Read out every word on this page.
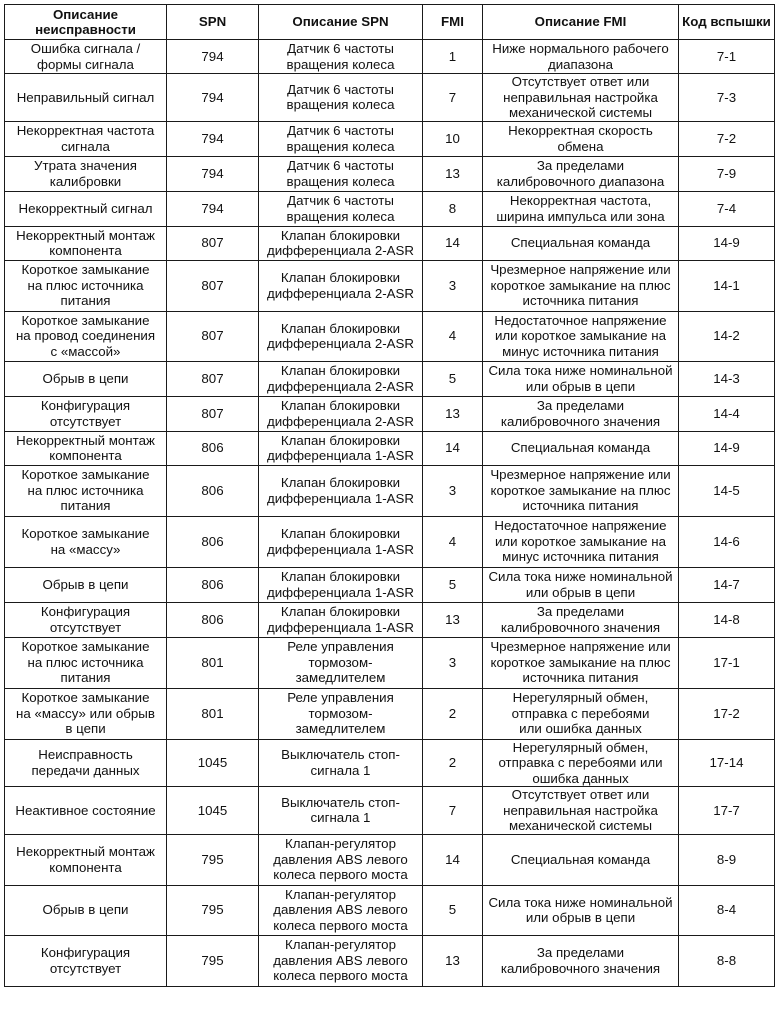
Описание
неисправности	SPN	Описание SPN	FMI	Описание FMI	Код вспышки

Ошибка сигнала /
формы сигнала	794	Датчик 6 частоты
вращения колеса	1	Ниже нормального рабочего
диапазона	7-1

Неправильный сигнал	794	Датчик 6 частоты
вращения колеса	7	Отсутствует ответ или
неправильная настройка
механической системы	7-3

Некорректная частота
сигнала	794	Датчик 6 частоты
вращения колеса	10	Некорректная скорость
обмена	7-2

Утрата значения
калибровки	794	Датчик 6 частоты
вращения колеса	13	За пределами
калибровочного диапазона	7-9

Некорректный сигнал	794	Датчик 6 частоты
вращения колеса	8	Некорректная частота,
ширина импульса или зона	7-4

Некорректный монтаж
компонента	807	Клапан блокировки
дифференциала 2-ASR	14	Специальная команда	14-9

Короткое замыкание
на плюс источника
питания	807	Клапан блокировки
дифференциала 2-ASR	3	Чрезмерное напряжение или
короткое замыкание на плюс
источника питания	14-1

Короткое замыкание
на провод соединения
с «массой»	807	Клапан блокировки
дифференциала 2-ASR	4	Недостаточное напряжение
или короткое замыкание на
минус источника питания	14-2

Обрыв в цепи	807	Клапан блокировки
дифференциала 2-ASR	5	Сила тока ниже номинальной
или обрыв в цепи	14-3

Конфигурация
отсутствует	807	Клапан блокировки
дифференциала 2-ASR	13	За пределами
калибровочного значения	14-4

Некорректный монтаж
компонента	806	Клапан блокировки
дифференциала 1-ASR	14	Специальная команда	14-9

Короткое замыкание
на плюс источника
питания	806	Клапан блокировки
дифференциала 1-ASR	3	Чрезмерное напряжение или
короткое замыкание на плюс
источника питания	14-5

Короткое замыкание
на «массу»	806	Клапан блокировки
дифференциала 1-ASR	4	Недостаточное напряжение
или короткое замыкание на
минус источника питания	14-6

Обрыв в цепи	806	Клапан блокировки
дифференциала 1-ASR	5	Сила тока ниже номинальной
или обрыв в цепи	14-7

Конфигурация
отсутствует	806	Клапан блокировки
дифференциала 1-ASR	13	За пределами
калибровочного значения	14-8

Короткое замыкание
на плюс источника
питания	801	Реле управления
тормозом-
замедлителем	3	Чрезмерное напряжение или
короткое замыкание на плюс
источника питания	17-1

Короткое замыкание
на «массу» или обрыв
в цепи	801	Реле управления
тормозом-
замедлителем	2	Нерегулярный обмен,
отправка с перебоями
или ошибка данных	17-2

Неисправность
передачи данных	1045	Выключатель стоп-
сигнала 1	2	Нерегулярный обмен,
отправка с перебоями или
ошибка данных	17-14

Неактивное состояние	1045	Выключатель стоп-
сигнала 1	7	Отсутствует ответ или
неправильная настройка
механической системы	17-7

Некорректный монтаж
компонента	795	Клапан-регулятор
давления ABS левого
колеса первого моста	14	Специальная команда	8-9

Обрыв в цепи	795	Клапан-регулятор
давления ABS левого
колеса первого моста	5	Сила тока ниже номинальной
или обрыв в цепи	8-4

Конфигурация
отсутствует	795	Клапан-регулятор
давления ABS левого
колеса первого моста	13	За пределами
калибровочного значения	8-8
